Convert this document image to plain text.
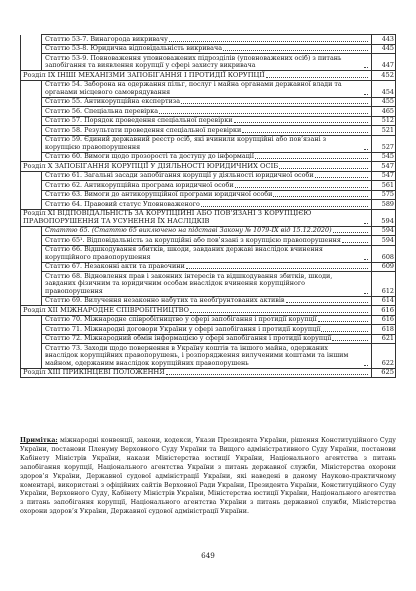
	Статтю 53-7. Винагорода викривачу	443

	Статтю 53-8. Юридична відповідальність викривача	445

	Статтю 53-9. Повноваження уповноважених підрозділів (уповноважених осіб) з питань запобігання та виявлення корупції у сфері захисту викривача	447

Розділ IX ІНШІ МЕХАНІЗМИ ЗАПОБІГАННЯ І ПРОТИДІЇ КОРУПЦІЇ		452

	Статтю 54. Заборона на одержання пільг, послуг і майна органами державної влади та органами місцевого самоврядування	454

	Статтю 55. Антикорупційна експертиза	455

	Статтю 56. Спеціальна перевірка	465

	Статтю 57. Порядок проведення спеціальної перевірки	512

	Статтю 58. Результати проведення спеціальної перевірки	521

	Статтю 59. Єдиний державний реєстр осіб, які вчинили корупційні або пов’язані з корупцією правопорушення	527

	Статтю 60. Вимоги щодо прозорості та доступу до інформації	545

Розділ X ЗАПОБІГАННЯ КОРУПЦІЇ У ДІЯЛЬНОСТІ ЮРИДИЧНИХ ОСІБ		547

	Статтю 61. Загальні засади запобігання корупції у діяльності юридичної особи	547

	Статтю 62. Антикорупційна програма юридичної особи	561

	Статтю 63. Вимоги до антикорупційної програми юридичної особи	575

	Статтю 64. Правовий статус Уповноваженого	589

Розділ XI ВІДПОВІДАЛЬНІСТЬ ЗА КОРУПЦІЙНІ АБО ПОВ’ЯЗАНІ З КОРУПЦІЄЮ ПРАВОПОРУШЕННЯ ТА УСУНЕННЯ ЇХ НАСЛІДКІВ		594

	Статтю 65. (Статтю 65 виключено на підставі Закону № 1079-IX від 15.12.2020)	594

	Статтю 65¹. Відповідальність за корупційні або пов’язані з корупцією правопорушення	594

	Статтю 66. Відшкодування збитків, шкоди, завданих державі внаслідок вчинення корупційного правопорушення	608

	Статтю 67. Незаконні акти та правочини	609

	Статтю 68. Відновлення прав і законних інтересів та відшкодування збитків, шкоди, завданих фізичним та юридичним особам внаслідок вчинення корупційного правопорушення	612

	Статтю 69. Вилучення незаконно набутих та необґрунтованих активів	614

Розділ XII МІЖНАРОДНЕ СПІВРОБІТНИЦТВО		616

	Статтю 70. Міжнародне співробітництво у сфері запобігання і протидії корупції	616

	Статтю 71. Міжнародні договори України у сфері запобігання і протидії корупції	618

	Статтю 72. Міжнародний обмін інформацією у сфері запобігання і протидії корупції	621

	Статтю 73. Заходи щодо повернення в Україну коштів та іншого майна, одержаних внаслідок корупційних правопорушень, і розпорядження вилученими коштами та іншим майном, одержаним внаслідок корупційних правопорушень	622

Розділ XIII ПРИКІНЦЕВІ ПОЛОЖЕННЯ		625
Примітка: міжнародні конвенції, закони, кодекси, Укази Президента України, рішення Конституційного Суду України, постанови Пленуму Верховного Суду України та Вищого адміністративного Суду України, постанови Кабінету Міністрів України, накази Міністерства юстиції України, Національного агентства з питань запобігання корупції, Національного агентства України з питань державної служби, Міністерства охорони здоров’я України, Державної судової адміністрації України, які наведені в даному Науково-практичному коментарі, використані з офіційних сайтів Верховної Ради України, Президента України, Конституційного Суду України, Верховного Суду, Кабінету Міністрів України, Міністерства юстиції України, Національного агентства з питань запобігання корупції, Національного агентства України з питань державної служби, Міністерства охорони здоров’я України, Державної судової адміністрації України.
649
